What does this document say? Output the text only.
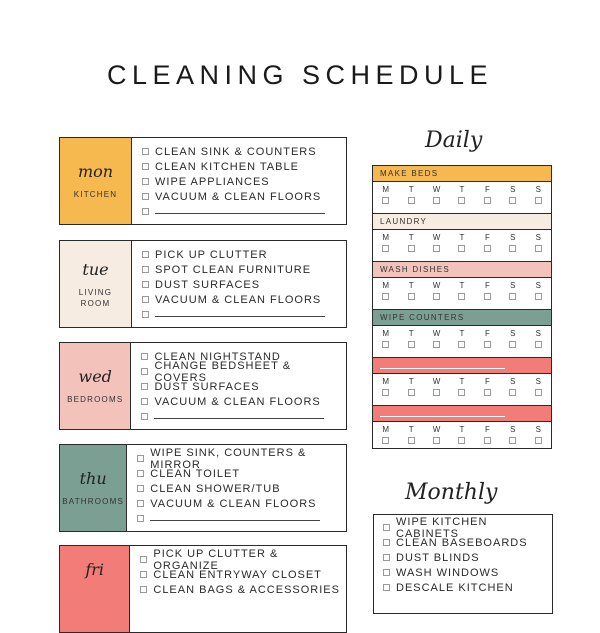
CLEANING SCHEDULE
mon
KITCHEN
CLEAN SINK & COUNTERS
CLEAN KITCHEN TABLE
WIPE APPLIANCES
VACUUM & CLEAN FLOORS
tue
LIVING ROOM
PICK UP CLUTTER
SPOT CLEAN FURNITURE
DUST SURFACES
VACUUM & CLEAN FLOORS
wed
BEDROOMS
CLEAN NIGHTSTAND
CHANGE BEDSHEET & COVERS
DUST SURFACES
VACUUM & CLEAN FLOORS
thu
BATHROOMS
WIPE SINK, COUNTERS & MIRROR
CLEAN TOILET
CLEAN SHOWER/TUB
VACUUM & CLEAN FLOORS
fri
PICK UP CLUTTER & ORGANIZE
CLEAN ENTRYWAY CLOSET
CLEAN BAGS & ACCESSORIES
Daily
MAKE BEDS
M T W T	F	S	S
LAUNDRY
M T W T	F	S	S
WASH DISHES
M T W T	F	S	S
WIPE COUNTERS
M T W T	F	S	S
M T W T	F	S	S
M T W T	F	S	S
Monthly
WIPE KITCHEN CABINETS
CLEAN BASEBOARDS
DUST BLINDS
WASH WINDOWS
DESCALE KITCHEN
